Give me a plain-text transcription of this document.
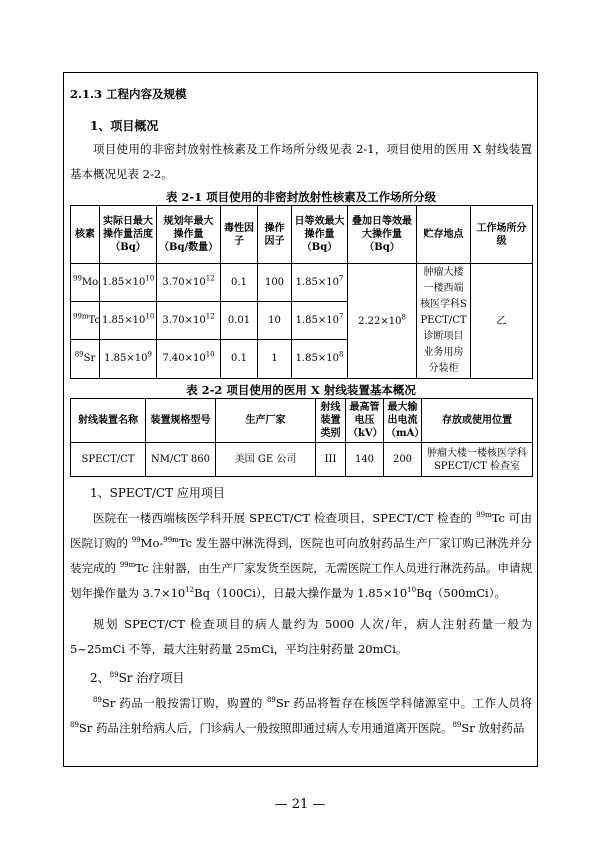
2.1.3 工程内容及规模
1、项目概况

项目使用的非密封放射性核素及工作场所分级见表 2-1，项目使用的医用 X 射线装置基本概况见表 2-2。

表 2-1 项目使用的非密封放射性核素及工作场所分级

核素	实际日最大操作量活度（Bq）	规划年最大操作量（Bq/数量）	毒性因子	操作因子	日等效最大操作量（Bq）	叠加日等效最大操作量（Bq）	贮存地点	工作场所分级
$^{99}$Mo	$1.85\times 10^{10}$	$3.70\times 10^{12}$	0.1	100	$1.85\times 10^7$	$2.22\times 10^8$	肿瘤大楼一楼西端核医学科SPECT/CT诊断项目业务用房分装柜	乙
$^{99m}$Tc	$1.85\times 10^{10}$	$3.70\times 10^{12}$	0.01	10	$1.85\times 10^7$
$^{89}$Sr	$1.85\times 10^9$	$7.40\times 10^{10}$	0.1	1	$1.85\times 10^8$

表 2-2 项目使用的医用 X 射线装置基本概况

射线装置名称	装置规格型号	生产厂家	射线装置类别	最高管电压（kV）	最大输出电流（mA）	存放或使用位置
SPECT/CT	NM/CT 860	美国 GE 公司	III	140	200	肿瘤大楼一楼核医学科 SPECT/CT 检查室
1、SPECT/CT 应用项目

医院在一楼西端核医学科开展 SPECT/CT 检查项目，SPECT/CT 检查的 $^{99m}$Tc 可由医院订购的 $^{99}$Mo-$^{99m}$Tc 发生器中淋洗得到，医院也可向放射药品生产厂家订购已淋洗并分装完成的 $^{99m}$Tc 注射器，由生产厂家发货至医院，无需医院工作人员进行淋洗药品。申请规划年操作量为 $3.7\times 10^{12}Bq(100Ci)$，日最大操作量为 $1.85\times 10^{10}Bq(500mCi)$。

规划 SPECT/CT 检查项目的病人量约为 5000 人次/年，病人注射药量一般为 5~25mCi 不等，最大注射药量 25mCi，平均注射药量 20mCi。

2、$^{89}$Sr 治疗项目

$^{89}$Sr 药品一般按需订购，购置的 $^{89}$Sr 药品将暂存在核医学科储源室中。工作人员将 $^{89}$Sr 药品注射给病人后，门诊病人一般按照即通过病人专用通道离开医院。$^{89}$Sr 放射药品

— 21 —
